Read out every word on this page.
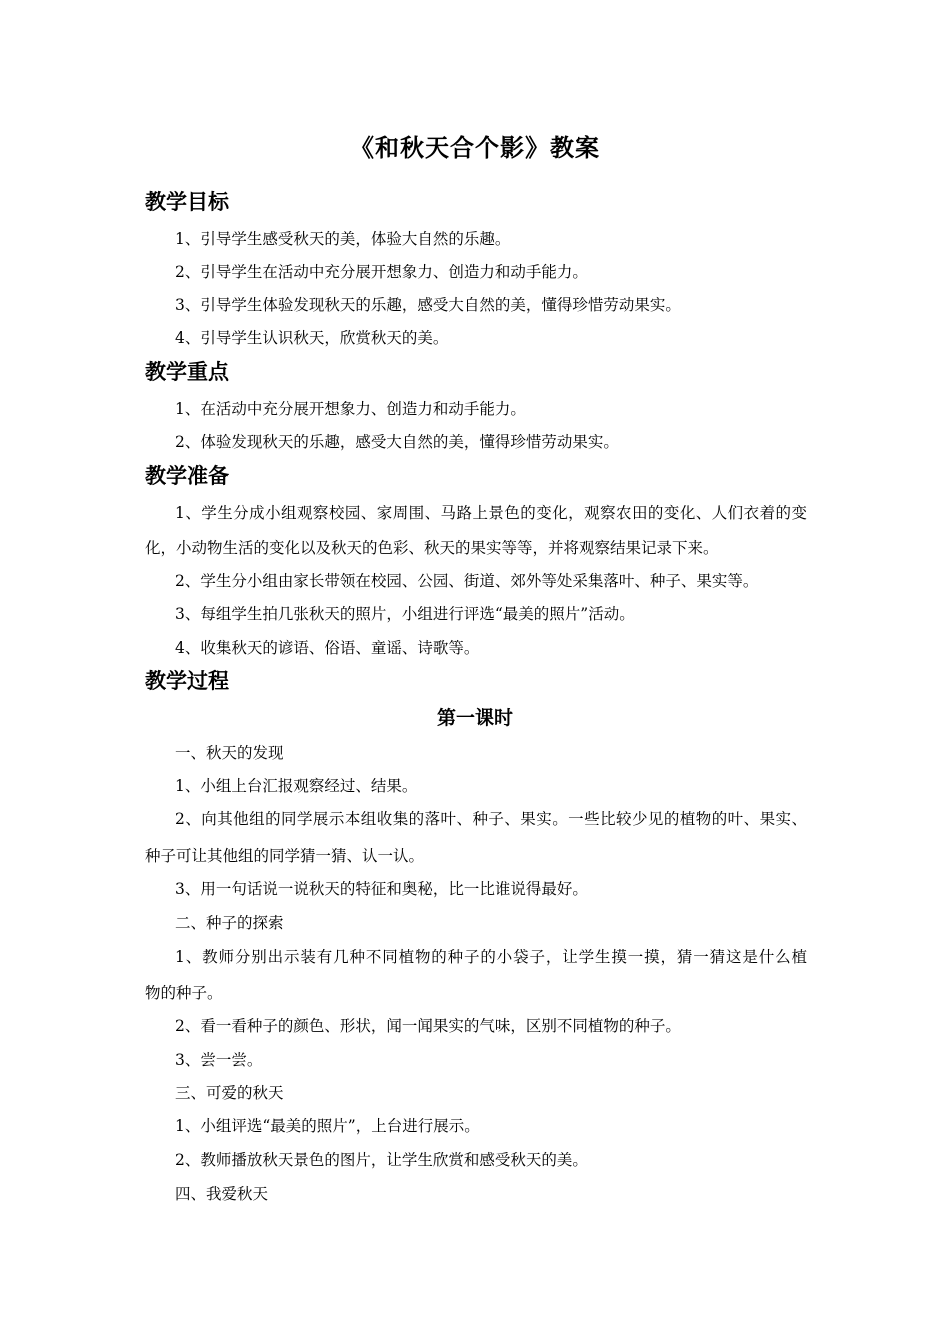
《和秋天合个影》教案
教学目标
1、引导学生感受秋天的美，体验大自然的乐趣。
2、引导学生在活动中充分展开想象力、创造力和动手能力。
3、引导学生体验发现秋天的乐趣，感受大自然的美，懂得珍惜劳动果实。
4、引导学生认识秋天，欣赏秋天的美。
教学重点
1、在活动中充分展开想象力、创造力和动手能力。
2、体验发现秋天的乐趣，感受大自然的美，懂得珍惜劳动果实。
教学准备
1、学生分成小组观察校园、家周围、马路上景色的变化，观察农田的变化、人们衣着的变
化，小动物生活的变化以及秋天的色彩、秋天的果实等等，并将观察结果记录下来。
2、学生分小组由家长带领在校园、公园、街道、郊外等处采集落叶、种子、果实等。
3、每组学生拍几张秋天的照片，小组进行评选“最美的照片”活动。
4、收集秋天的谚语、俗语、童谣、诗歌等。
教学过程
第一课时
一、秋天的发现
1、小组上台汇报观察经过、结果。
2、向其他组的同学展示本组收集的落叶、种子、果实。一些比较少见的植物的叶、果实、
种子可让其他组的同学猜一猜、认一认。
3、用一句话说一说秋天的特征和奥秘，比一比谁说得最好。
二、种子的探索
1、教师分别出示装有几种不同植物的种子的小袋子，让学生摸一摸，猜一猜这是什么植
物的种子。
2、看一看种子的颜色、形状，闻一闻果实的气味，区别不同植物的种子。
3、尝一尝。
三、可爱的秋天
1、小组评选“最美的照片”，上台进行展示。
2、教师播放秋天景色的图片，让学生欣赏和感受秋天的美。
四、我爱秋天
